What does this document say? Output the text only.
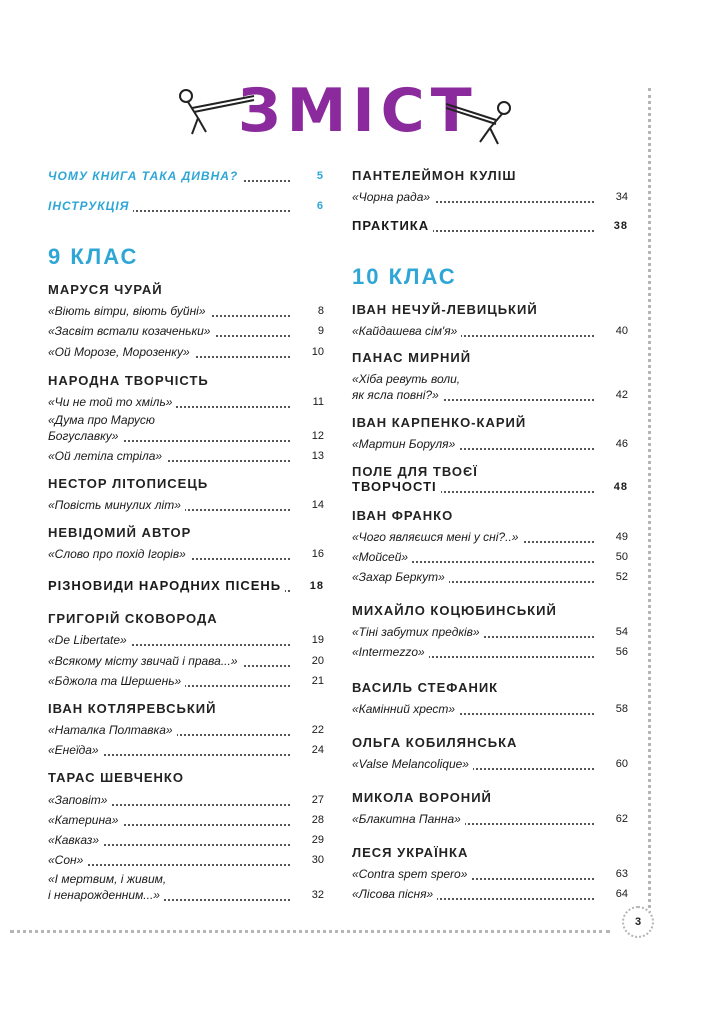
3
ЗМІСТ
ЧОМУ КНИГА ТАКА ДИВНА?	5
ІНСТРУКЦІЯ	6
9 КЛАС
МАРУСЯ ЧУРАЙ
«Віють вітри, віють буйні»	8
«Засвіт встали козаченьки»	9
«Ой Морозе, Морозенку»	10
НАРОДНА ТВОРЧІСТЬ
«Чи не той то хміль»	11
«Дума про Марусю
Богуславку»	12
«Ой летіла стріла»	13
НЕСТОР ЛІТОПИСЕЦЬ
«Повість минулих літ»	14
НЕВІДОМИЙ АВТОР
«Слово про похід Ігорів»	16
РІЗНОВИДИ НАРОДНИХ ПІСЕНЬ	18
ГРИГОРІЙ СКОВОРОДА
«De Libertate»	19
«Всякому місту звичай і права...»	20
«Бджола та Шершень»	21
ІВАН КОТЛЯРЕВСЬКИЙ
«Наталка Полтавка»	22
«Енеїда»	24
ТАРАС ШЕВЧЕНКО
«Заповіт»	27
«Катерина»	28
«Кавказ»	29
«Сон»	30
«І мертвим, і живим,
і ненарожденним...»	32
ПАНТЕЛЕЙМОН КУЛІШ
«Чорна рада»	34
ПРАКТИКА	38
10 КЛАС
ІВАН НЕЧУЙ-ЛЕВИЦЬКИЙ
«Кайдашева сім'я»	40
ПАНАС МИРНИЙ
«Хіба ревуть воли,
як ясла повні?»	42
ІВАН КАРПЕНКО-КАРИЙ
«Мартин Боруля»	46
ПОЛЕ ДЛЯ ТВОЄЇ
ТВОРЧОСТІ	48
ІВАН ФРАНКО
«Чого являєшся мені у сні?..»	49
«Мойсей»	50
«Захар Беркут»	52
МИХАЙЛО КОЦЮБИНСЬКИЙ
«Тіні забутих предків»	54
«Intermezzo»	56
ВАСИЛЬ СТЕФАНИК
«Камінний хрест»	58
ОЛЬГА КОБИЛЯНСЬКА
«Valse Melancolique»	60
МИКОЛА ВОРОНИЙ
«Блакитна Панна»	62
ЛЕСЯ УКРАЇНКА
«Contra spem spero»	63
«Лісова пісня»	64
